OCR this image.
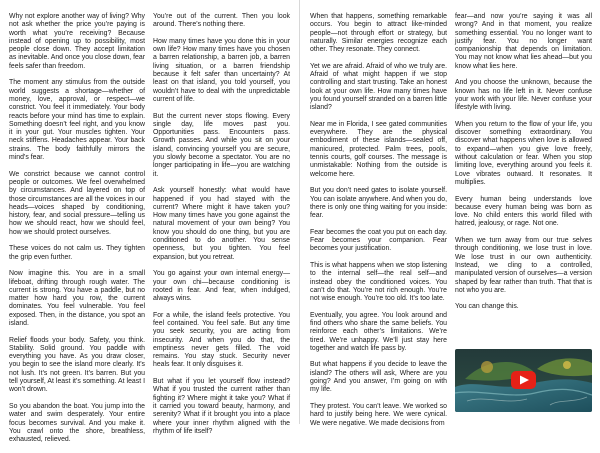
Why not explore another way of living? Why not ask whether the price you’re paying is worth what you’re receiving? Because instead of opening up to possibility, most people close down. They accept limitation as inevitable. And once you close down, fear feels safer than freedom.

The moment any stimulus from the outside world suggests a shortage—whether of money, love, approval, or respect—we constrict. You feel it immediately. Your body reacts before your mind has time to explain. Something doesn’t feel right, and you know it in your gut. Your muscles tighten. Your neck stiffens. Headaches appear. Your back strains. The body faithfully mirrors the mind’s fear.

We constrict because we cannot control people or outcomes. We feel overwhelmed by circumstances. And layered on top of those circumstances are all the voices in our heads—voices shaped by conditioning, history, fear, and social pressure—telling us how we should react, how we should feel, how we should protect ourselves.

These voices do not calm us. They tighten the grip even further.

Now imagine this. You are in a small lifeboat, drifting through rough water. The current is strong. You have a paddle, but no matter how hard you row, the current dominates. You feel vulnerable. You feel exposed. Then, in the distance, you spot an island.

Relief floods your body. Safety, you think. Stability. Solid ground. You paddle with everything you have. As you draw closer, you begin to see the island more clearly. It’s not lush. It’s not green. It’s barren. But you tell yourself, At least it’s something. At least I won’t drown.

So you abandon the boat. You jump into the water and swim desperately. Your entire focus becomes survival. And you make it. You crawl onto the shore, breathless, exhausted, relieved.

You’re out of the current. Then you look around. There’s nothing there.

How many times have you done this in your own life? How many times have you chosen a barren relationship, a barren job, a barren living situation, or a barren friendship because it felt safer than uncertainty? At least on that island, you told yourself, you wouldn’t have to deal with the unpredictable current of life.

But the current never stops flowing. Every single day, life moves past you. Opportunities pass. Encounters pass. Growth passes. And while you sit on your island, convincing yourself you are secure, you slowly become a spectator. You are no longer participating in life—you are watching it.

Ask yourself honestly: what would have happened if you had stayed with the current? Where might it have taken you? How many times have you gone against the natural movement of your own being? You know you should do one thing, but you are conditioned to do another. You sense openness, but you tighten. You feel expansion, but you retreat.

You go against your own internal energy—your own chi—because conditioning is rooted in fear. And fear, when indulged, always wins.

For a while, the island feels protective. You feel contained. You feel safe. But any time you seek security, you are acting from insecurity. And when you do that, the emptiness never gets filled. The void remains. You stay stuck. Security never heals fear. It only disguises it.

But what if you let yourself flow instead? What if you trusted the current rather than fighting it? Where might it take you? What if it carried you toward beauty, harmony, and serenity? What if it brought you into a place where your inner rhythm aligned with the rhythm of life itself?

When that happens, something remarkable occurs. You begin to attract like-minded people—not through effort or strategy, but naturally. Similar energies recognize each other. They resonate. They connect.

Yet we are afraid. Afraid of who we truly are. Afraid of what might happen if we stop controlling and start trusting. Take an honest look at your own life. How many times have you found yourself stranded on a barren little island?

Near me in Florida, I see gated communities everywhere. They are the physical embodiment of these islands—sealed off, manicured, protected. Palm trees, pools, tennis courts, golf courses. The message is unmistakable: Nothing from the outside is welcome here.

But you don’t need gates to isolate yourself. You can isolate anywhere. And when you do, there is only one thing waiting for you inside: fear.

Fear becomes the coat you put on each day. Fear becomes your companion. Fear becomes your justification.

This is what happens when we stop listening to the internal self—the real self—and instead obey the conditioned voices. You can’t do that. You’re not rich enough. You’re not wise enough. You’re too old. It’s too late.

Eventually, you agree. You look around and find others who share the same beliefs. You reinforce each other’s limitations. We’re tired. We’re unhappy. We’ll just stay here together and watch life pass by.

But what happens if you decide to leave the island? The others will ask, Where are you going? And you answer, I’m going on with my life.

They protest. You can’t leave. We worked so hard to justify being here. We were cynical. We were negative. We made decisions from

fear—and now you’re saying it was all wrong? And in that moment, you realize something essential. You no longer want to justify fear. You no longer want companionship that depends on limitation. You may not know what lies ahead—but you know what lies here.

And you choose the unknown, because the known has no life left in it. Never confuse your work with your life. Never confuse your lifestyle with living.

When you return to the flow of your life, you discover something extraordinary. You discover what happens when love is allowed to expand—when you give love freely, without calculation or fear. When you stop limiting love, everything around you feels it. Love vibrates outward. It resonates. It multiplies.

Every human being understands love because every human being was born as love. No child enters this world filled with hatred, jealousy, or rage. Not one.

When we turn away from our true selves through conditioning, we lose trust in love. We lose trust in our own authenticity. Instead, we cling to a controlled, manipulated version of ourselves—a version shaped by fear rather than truth. That that is not who you are.

You can change this.
